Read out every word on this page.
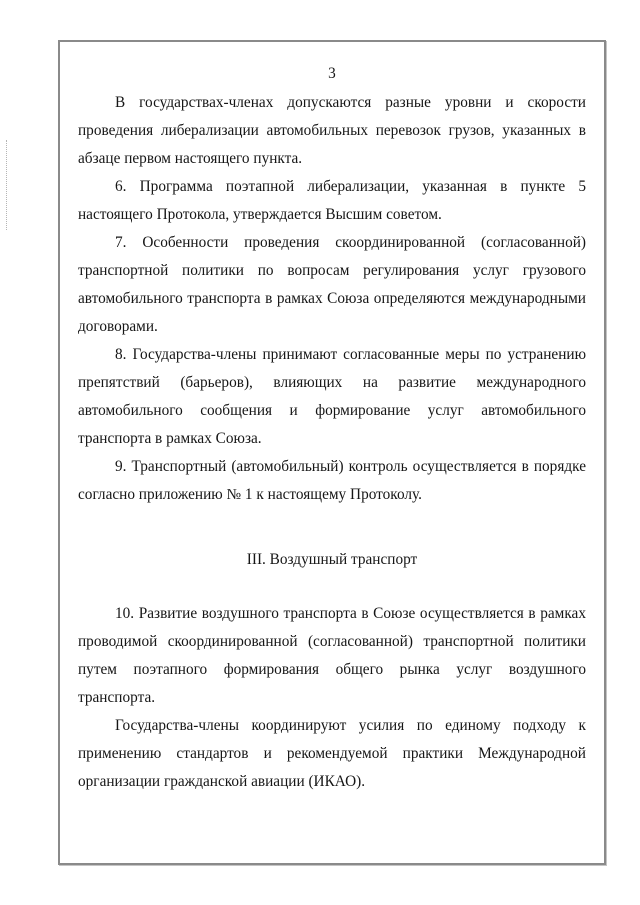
3

В государствах-членах допускаются разные уровни и скорости проведения либерализации автомобильных перевозок грузов, указанных в абзаце первом настоящего пункта.

6. Программа поэтапной либерализации, указанная в пункте 5 настоящего Протокола, утверждается Высшим советом.

7. Особенности проведения скоординированной (согласованной) транспортной политики по вопросам регулирования услуг грузового автомобильного транспорта в рамках Союза определяются международными договорами.

8. Государства-члены принимают согласованные меры по устранению препятствий (барьеров), влияющих на развитие международного автомобильного сообщения и формирование услуг автомобильного транспорта в рамках Союза.

9. Транспортный (автомобильный) контроль осуществляется в порядке согласно приложению № 1 к настоящему Протоколу.

III. Воздушный транспорт

10. Развитие воздушного транспорта в Союзе осуществляется в рамках проводимой скоординированной (согласованной) транспортной политики путем поэтапного формирования общего рынка услуг воздушного транспорта.

Государства-члены координируют усилия по единому подходу к применению стандартов и рекомендуемой практики Международной организации гражданской авиации (ИКАО).
